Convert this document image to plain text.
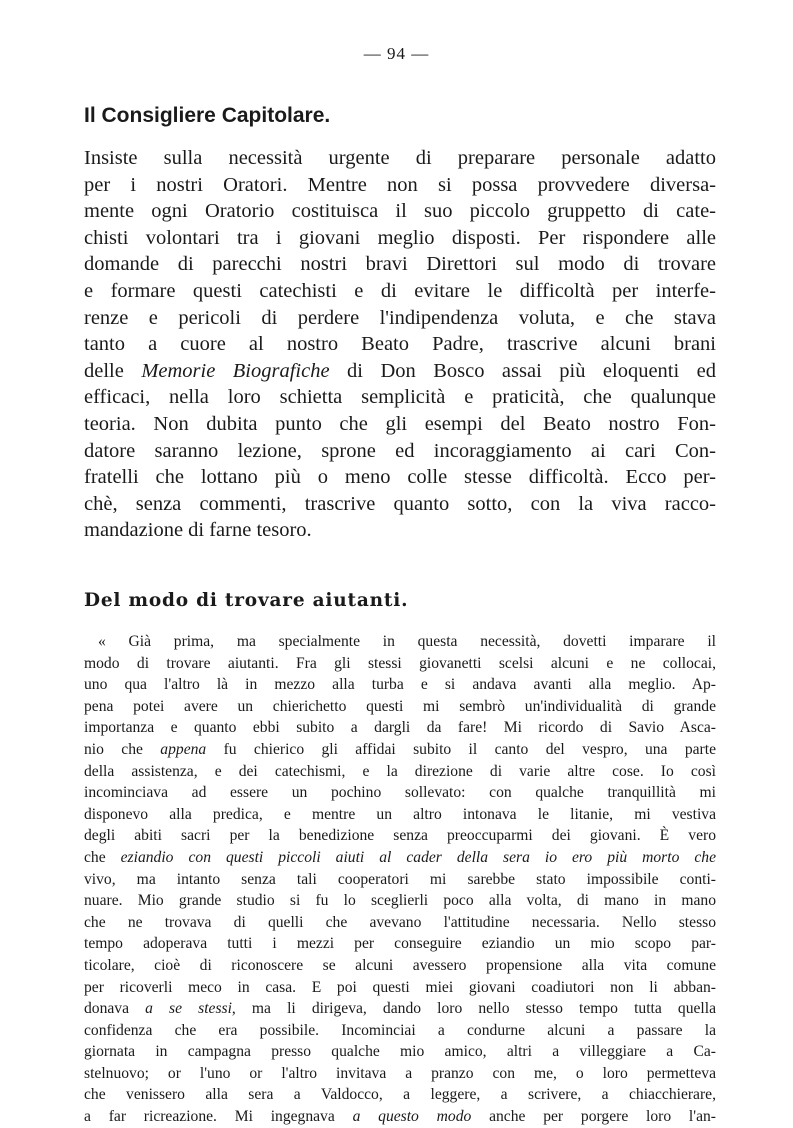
— 94 —
Il Consigliere Capitolare.
Insiste sulla necessità urgente di preparare personale adatto
per i nostri Oratori. Mentre non si possa provvedere diversa-
mente ogni Oratorio costituisca il suo piccolo gruppetto di cate-
chisti volontari tra i giovani meglio disposti. Per rispondere alle
domande di parecchi nostri bravi Direttori sul modo di trovare
e formare questi catechisti e di evitare le difficoltà per interfe-
renze e pericoli di perdere l'indipendenza voluta, e che stava
tanto a cuore al nostro Beato Padre, trascrive alcuni brani
delle Memorie Biografiche di Don Bosco assai più eloquenti ed
efficaci, nella loro schietta semplicità e praticità, che qualunque
teoria. Non dubita punto che gli esempi del Beato nostro Fon-
datore saranno lezione, sprone ed incoraggiamento ai cari Con-
fratelli che lottano più o meno colle stesse difficoltà. Ecco per-
chè, senza commenti, trascrive quanto sotto, con la viva racco-
mandazione di farne tesoro.
Del modo di trovare aiutanti.
« Già prima, ma specialmente in questa necessità, dovetti imparare il
modo di trovare aiutanti. Fra gli stessi giovanetti scelsi alcuni e ne collocai,
uno qua l'altro là in mezzo alla turba e si andava avanti alla meglio. Ap-
pena potei avere un chierichetto questi mi sembrò un'individualità di grande
importanza e quanto ebbi subito a dargli da fare! Mi ricordo di Savio Asca-
nio che appena fu chierico gli affidai subito il canto del vespro, una parte
della assistenza, e dei catechismi, e la direzione di varie altre cose. Io così
incominciava ad essere un pochino sollevato: con qualche tranquillità mi
disponevo alla predica, e mentre un altro intonava le litanie, mi vestiva
degli abiti sacri per la benedizione senza preoccuparmi dei giovani. È vero
che eziandio con questi piccoli aiuti al cader della sera io ero più morto che
vivo, ma intanto senza tali cooperatori mi sarebbe stato impossibile conti-
nuare. Mio grande studio si fu lo sceglierli poco alla volta, di mano in mano
che ne trovava di quelli che avevano l'attitudine necessaria. Nello stesso
tempo adoperava tutti i mezzi per conseguire eziandio un mio scopo par-
ticolare, cioè di riconoscere se alcuni avessero propensione alla vita comune
per ricoverli meco in casa. E poi questi miei giovani coadiutori non li abban-
donava a se stessi, ma li dirigeva, dando loro nello stesso tempo tutta quella
confidenza che era possibile. Incominciai a condurne alcuni a passare la
giornata in campagna presso qualche mio amico, altri a villeggiare a Ca-
stelnuovo; or l'uno or l'altro invitava a pranzo con me, o loro permetteva
che venissero alla sera a Valdocco, a leggere, a scrivere, a chiacchierare,
a far ricreazione. Mi ingegnava a questo modo anche per porgere loro l'an-
